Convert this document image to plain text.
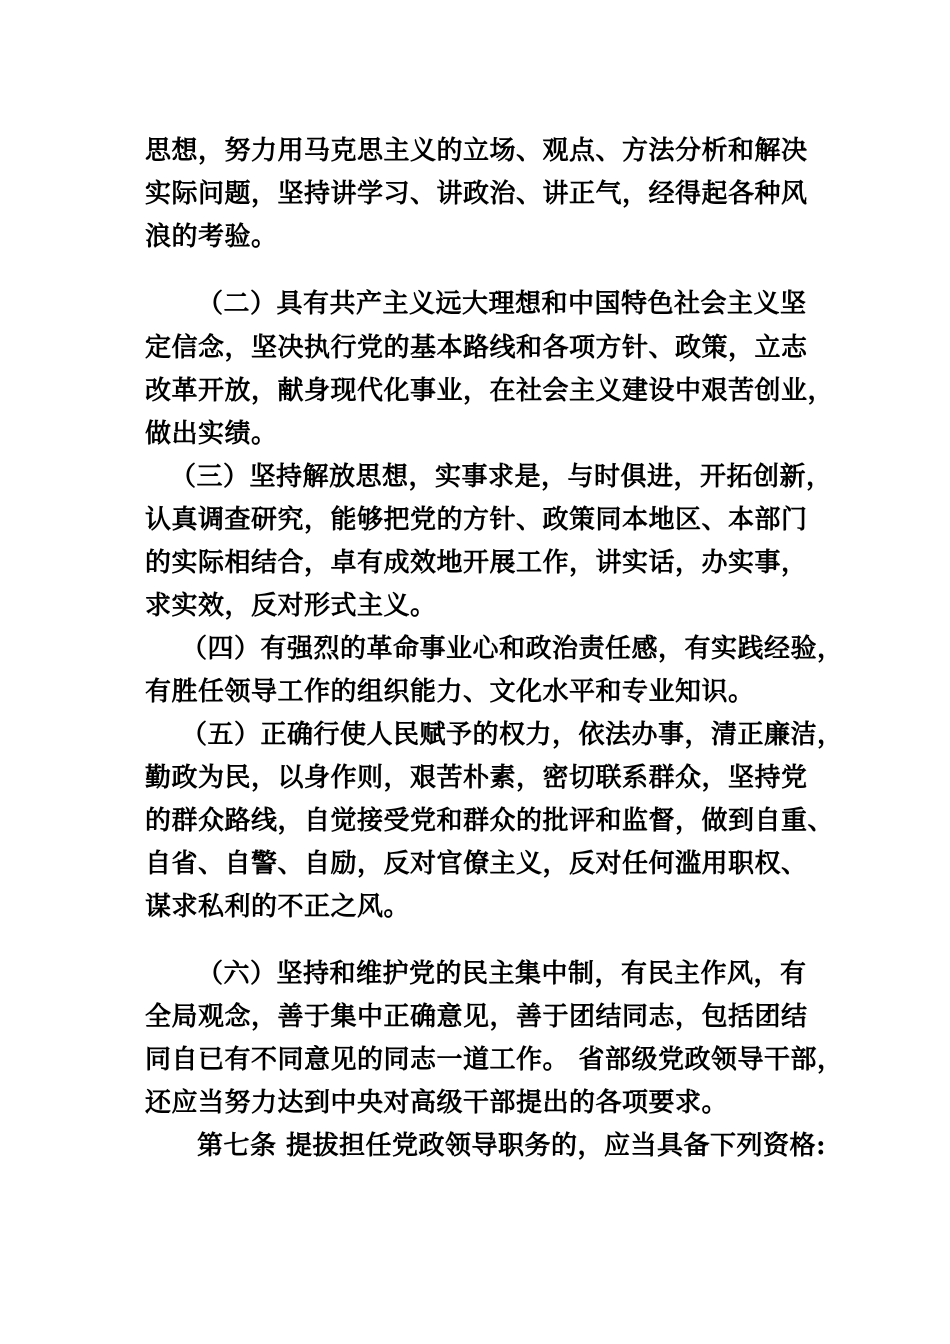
思想，努力用马克思主义的立场、观点、方法分析和解决
实际问题，坚持讲学习、讲政治、讲正气，经得起各种风
浪的考验。
（二）具有共产主义远大理想和中国特色社会主义坚
定信念，坚决执行党的基本路线和各项方针、政策，立志
改革开放，献身现代化事业，在社会主义建设中艰苦创业，
做出实绩。
（三）坚持解放思想，实事求是，与时俱进，开拓创新，
认真调查研究，能够把党的方针、政策同本地区、本部门
的实际相结合，卓有成效地开展工作，讲实话，办实事，
求实效，反对形式主义。
（四）有强烈的革命事业心和政治责任感，有实践经验，
有胜任领导工作的组织能力、文化水平和专业知识。
（五）正确行使人民赋予的权力，依法办事，清正廉洁，
勤政为民，以身作则，艰苦朴素，密切联系群众，坚持党
的群众路线，自觉接受党和群众的批评和监督，做到自重、
自省、自警、自励，反对官僚主义，反对任何滥用职权、
谋求私利的不正之风。
（六）坚持和维护党的民主集中制，有民主作风，有
全局观念，善于集中正确意见，善于团结同志，包括团结
同自已有不同意见的同志一道工作。 省部级党政领导干部，
还应当努力达到中央对高级干部提出的各项要求。
第七条 提拔担任党政领导职务的，应当具备下列资格:
